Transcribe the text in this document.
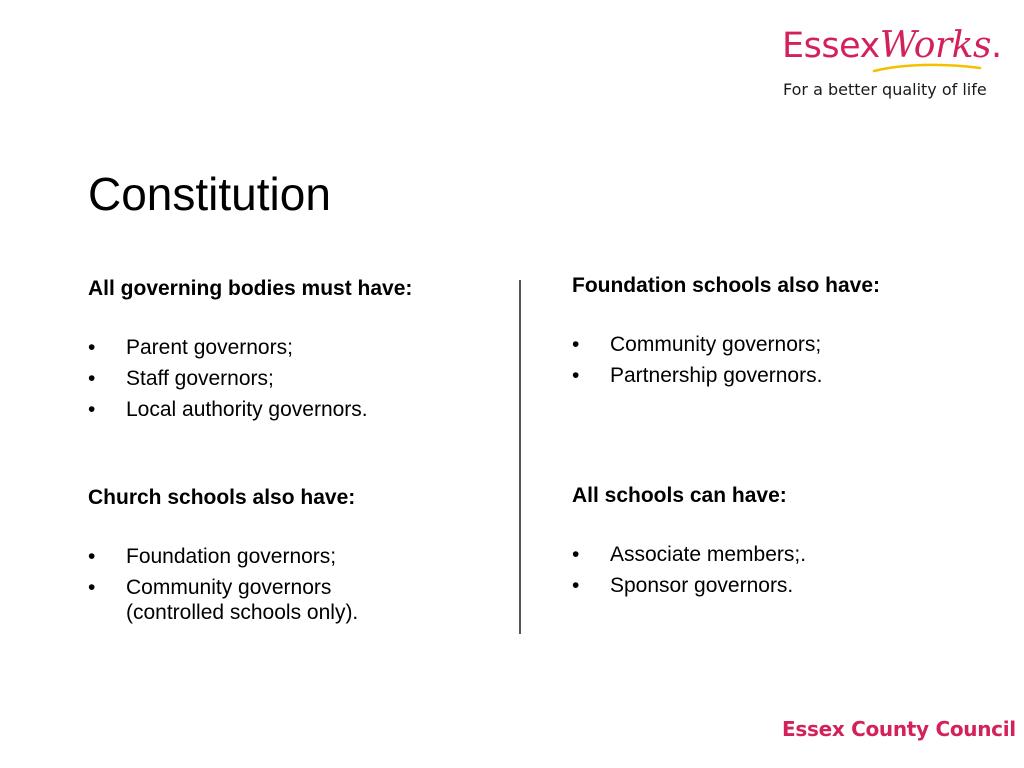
EssexWorks.
For a better quality of life
Constitution

All governing bodies must have:

• Parent governors;
• Staff governors;
• Local authority governors.

Church schools also have:

• Foundation governors;
• Community governors (controlled schools only).

Foundation schools also have:

• Community governors;
• Partnership governors.

All schools can have:

• Associate members;.
• Sponsor governors.
Essex County Council
